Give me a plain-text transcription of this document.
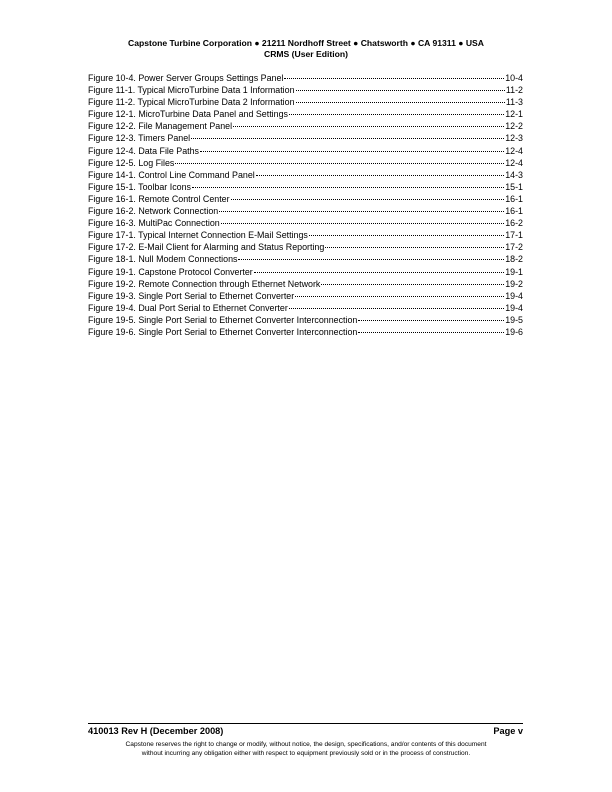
Capstone Turbine Corporation ● 21211 Nordhoff Street ● Chatsworth ● CA 91311 ● USA
CRMS (User Edition)
Figure 10-4. Power Server Groups Settings Panel	10-4
Figure 11-1. Typical MicroTurbine Data 1 Information	11-2
Figure 11-2. Typical MicroTurbine Data 2 Information	11-3
Figure 12-1. MicroTurbine Data Panel and Settings	12-1
Figure 12-2. File Management Panel	12-2
Figure 12-3. Timers Panel	12-3
Figure 12-4. Data File Paths	12-4
Figure 12-5. Log Files	12-4
Figure 14-1. Control Line Command Panel	14-3
Figure 15-1. Toolbar Icons	15-1
Figure 16-1. Remote Control Center	16-1
Figure 16-2. Network Connection	16-1
Figure 16-3. MultiPac Connection	16-2
Figure 17-1. Typical Internet Connection E-Mail Settings	17-1
Figure 17-2. E-Mail Client for Alarming and Status Reporting	17-2
Figure 18-1. Null Modem Connections	18-2
Figure 19-1. Capstone Protocol Converter	19-1
Figure 19-2. Remote Connection through Ethernet Network	19-2
Figure 19-3. Single Port Serial to Ethernet Converter	19-4
Figure 19-4. Dual Port Serial to Ethernet Converter	19-4
Figure 19-5. Single Port Serial to Ethernet Converter Interconnection	19-5
Figure 19-6. Single Port Serial to Ethernet Converter Interconnection	19-6
410013 Rev H (December 2008)	Page v
Capstone reserves the right to change or modify, without notice, the design, specifications, and/or contents of this document
without incurring any obligation either with respect to equipment previously sold or in the process of construction.
